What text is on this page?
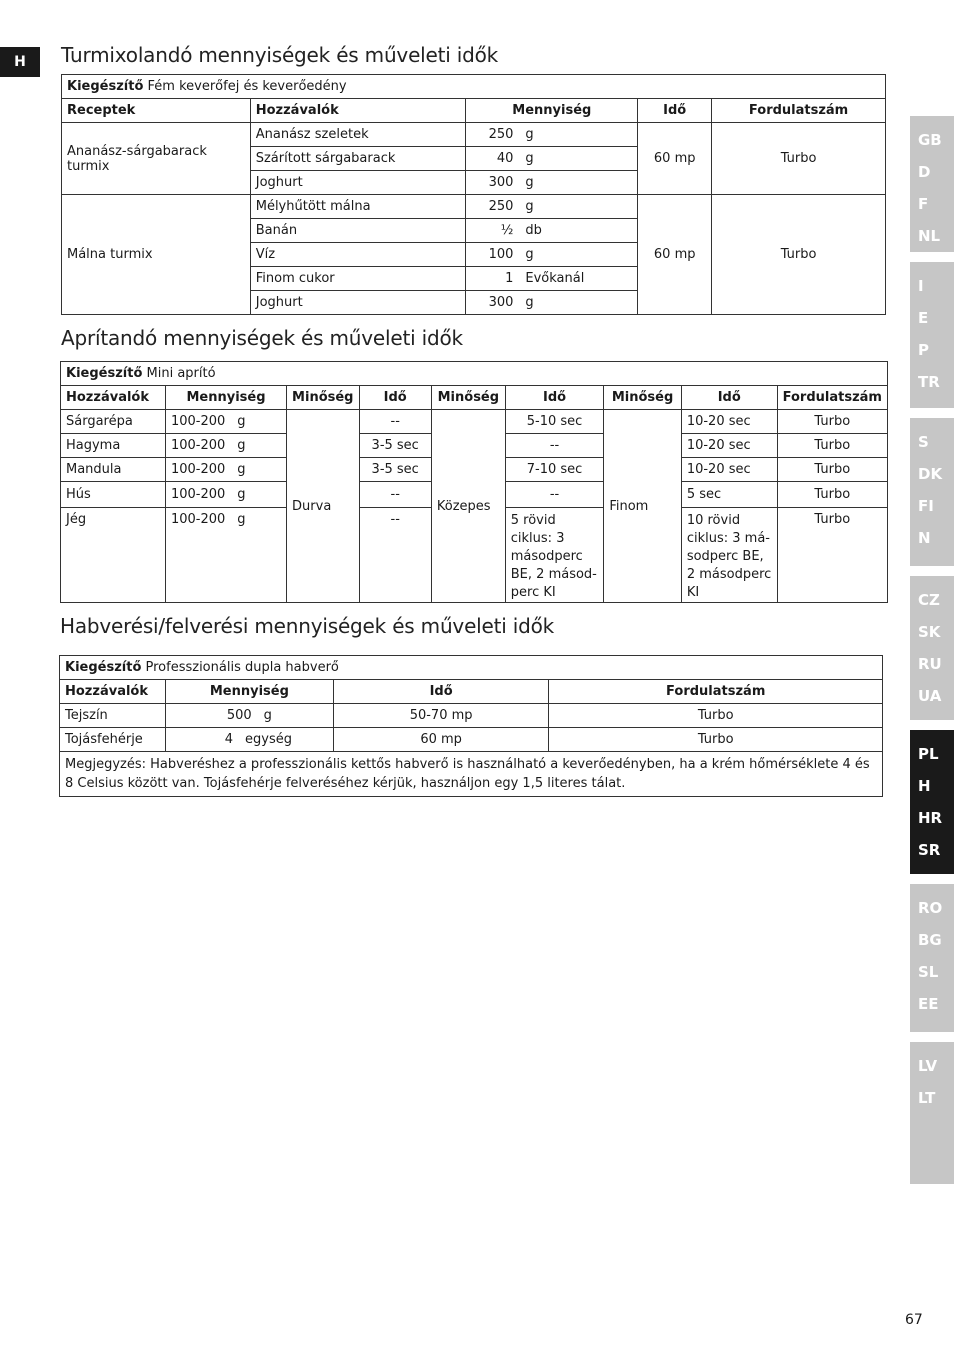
H	Turmixolandó mennyiségek és műveleti idők
Kiegészítő Fém keverőfej és keverőedény				
Receptek	Hozzávalók	Mennyiség	Idő	Fordulatszám
Ananász-sárgabarack turmix	Ananász szeletek	250 g	60 mp	Turbo
	Szárított sárgabarack	40 g		

	Joghurt	300 g		

Málna turmix	Mélyhűtött málna	250 g	60 mp	Turbo
	Banán	½ db		

	Víz	100 g		

	Finom cukor	1 Evőkanál		

	Joghurt	300 g		
Aprítandó mennyiségek és műveleti idők
Kiegészítő Mini aprító								
Hozzávalók	Mennyiség	Minőség	Idő	Minőség	Idő	Minőség	Idő	Fordulatszám
Sárgarépa	100-200 g	Durva	--	Közepes	5-10 sec	Finom	10-20 sec	Turbo
Hagyma	100-200 g		3-5 sec		--		10-20 sec	Turbo
Mandula	100-200 g		3-5 sec		7-10 sec		10-20 sec	Turbo
Hús	100-200 g		--		--		5 sec	Turbo
Jég	100-200 g		--		5 rövid ciklus: 3 másodperc BE, 2 másod-perc KI		10 rövid ciklus: 3 má-sodperc BE, 2 másodperc KI	Turbo
Habverési/felverési mennyiségek és műveleti idők
Kiegészítő Professzionális dupla habverő			
Hozzávalók	Mennyiség	Idő	Fordulatszám
Tejszín	500 g	50-70 mp	Turbo
Tojásfehérje	4 egység	60 mp	Turbo
Megjegyzés: Habveréshez a professzionális kettős habverő is használható a keverőedényben, ha a krém hőmérséklete 4 és 8 Celsius között van. Tojásfehérje felveréséhez kérjük, használjon egy 1,5 literes tálat.			
GB
D
F
NL
I
E
P
TR
S
DK
FI
N
CZ
SK
RU
UA
PL
H
HR
SR
RO
BG
SL
EE
LV
LT
67
